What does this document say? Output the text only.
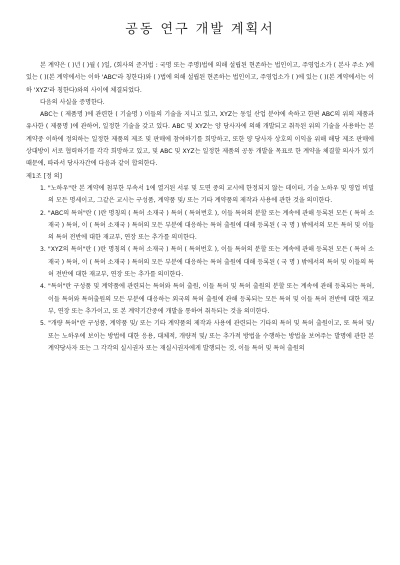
공동 연구 개발 계획서

본 계약은 ( )년 ( )월 ( )일, (회사의 준거법 : 국명 또는 주명)법에 의해 설립된 현존하는 법인이고, 주영업소가 ( 본사 주소 )에 있는 ( )(본 계약에서는 이하 'ABC'라 칭한다)와 ( )법에 의해 설립된 현존하는 법인이고, 주영업소가 ( )에 있는 ( )(본 계약에서는 이하 'XYZ'라 칭한다)와의 사이에 체결되었다.

다음의 사실을 증명한다.

ABC는 ( 제품명 )에 관련한 ( 기술명 ) 이들의 기술을 지니고 있고, XYZ는 동일 산업 분야에 속하고 한편 ABC의 위의 제품과 유사한 ( 제품명 )에 관하여, 일정한 기술을 갖고 있다. ABC 및 XYZ는 양 당사자에 의해 개발되고 취득된 위의 기술을 사용하는 본 계약중 이하에 정의하는 일정한 제품의 제조 및 판매에 참여하기를 희망하고, 또한 양 당사자 상호의 이익을 위해 해당 제조 판매에 상대방이 서로 협력하기를 각각 희망하고 있고, 및 ABC 및 XYZ는 일정한 제품의 공동 개발을 목표로 한 계약을 체결할 의사가 있기 때문에, 따라서 당사자간에 다음과 같이 합의한다.

제1조 [정 의]

1. "노하우"란 본 계약에 첨부한 부속서 1에 열거된 서류 및 도면 중의 교시에 한정되지 않는 데이터, 기술 노하우 및 영업 비밀의 모든 명세이고, 그같은 교시는 구성품, 계약품 및/ 또는 기타 계약품의 제작과 사용에 관한 것을 의미한다.

2. "ABC의 특허"란 ( )란 명칭의 ( 특허 소재국 ) 특허 ( 특허번호 ), 이들 특허의 분할 또는 계속에 관해 등록된 모든 ( 특허 소재국 ) 특허, 이 ( 특허 소재국 ) 특허의 모든 부분에 대응하는 특허 출원에 대해 등록된 ( 국 명 ) 밖에서의 모든 특허 및 이들의 특허 전반에 대한 재교부, 연장 또는 추가를 의미한다.

3. "XYZ의 특허"란 ( )란 명칭의 ( 특허 소재국 ) 특허 ( 특허번호 ), 이들 특허의 분할 또는 계속에 관해 등록된 모든 ( 특허 소재국 ) 특허, 이 ( 특허 소재국 ) 특허의 모든 부분에 대응하는 특허 출원에 대해 등록된 ( 국 명 ) 밖에서의 특허 및 이들의 특허 전반에 대한 재교부, 연장 또는 추가를 의미한다.

4. "특허"란 구성품 및 계약품에 관련되는 특허와 특허 출원, 이들 특허 및 특허 출원의 분할 또는 계속에 관해 등록되는 특허, 이들 특허와 특허출원의 모든 부분에 대응하는 외국의 특허 출원에 관해 등록되는 모든 특허 및 이들 특허 전반에 대한 재교부, 연장 또는 추가이고, 또 본 계약기간중에 개발을 통하여 취득되는 것을 의미한다.

5. "개량 특허"란 구성품, 계약품 및/ 또는 기타 계약품의 제작과 사용에 관련되는 기타의 특허 및 특허 출원이고, 또 특허 및/ 또는 노하우에 보이는 방법에 대한 응용, 대체적, 개량적 및/ 또는 추가적 방법을 수행하는 방법을 보여주는 발명에 관한 본 계약당사자 또는 그 각각의 실시권자 또는 재실시권자에게 발행되는 것, 이들 특허 및 특허 출원의
